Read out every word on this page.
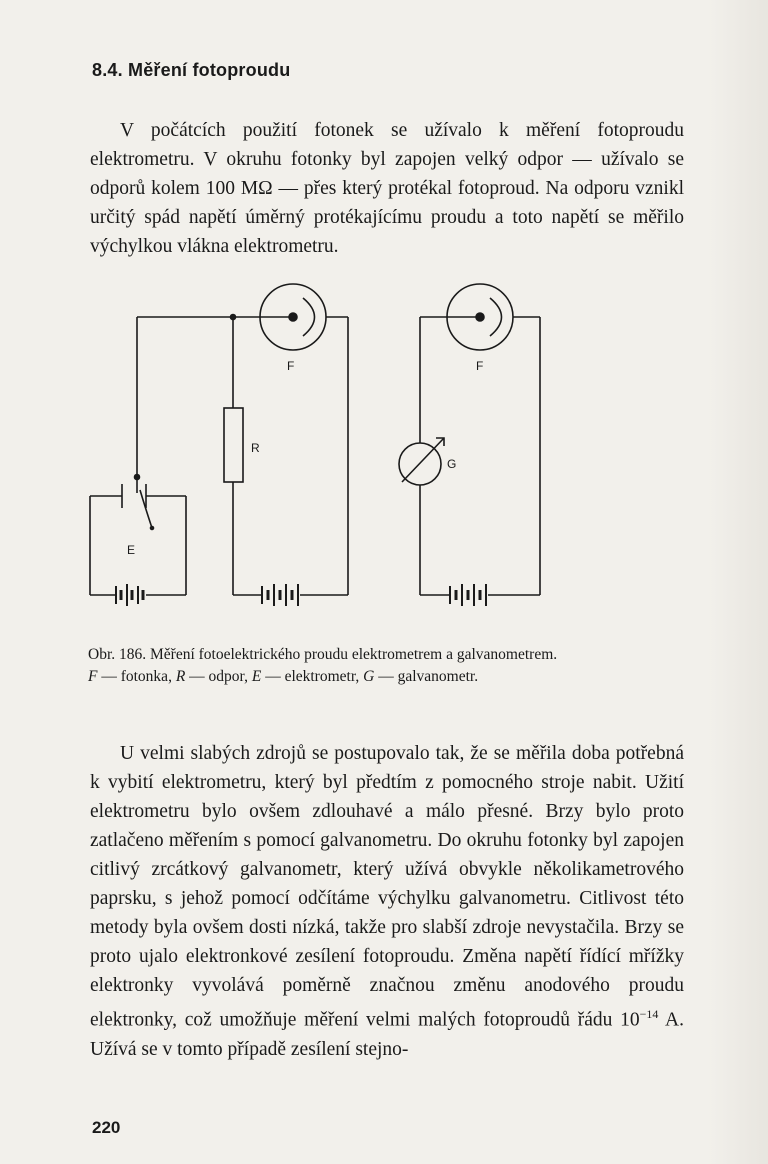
8.4. Měření fotoproudu

V počátcích použití fotonek se užívalo k měření fotoproudu elektrometru. V okruhu fotonky byl zapojen velký odpor — užívalo se odporů kolem 100 MΩ — přes který protékal fotoproud. Na odporu vznikl určitý spád napětí úměrný protékajícímu proudu a toto napětí se měřilo výchylkou vlákna elektrometru.

F	F
R
E
G
Obr. 186. Měření fotoelektrického proudu elektrometrem a galvanometrem.
F — fotonka, R — odpor, E — elektrometr, G — galvanometr.

U velmi slabých zdrojů se postupovalo tak, že se měřila doba potřebná k vybití elektrometru, který byl předtím z pomocného stroje nabit. Užití elektrometru bylo ovšem zdlouhavé a málo přesné. Brzy bylo proto zatlačeno měřením s pomocí galvanometru. Do okruhu fotonky byl zapojen citlivý zrcátkový galvanometr, který užívá obvykle několikametrového paprsku, s jehož pomocí odčítáme výchylku galvanometru. Citlivost této metody byla ovšem dosti nízká, takže pro slabší zdroje nevystačila. Brzy se proto ujalo elektronkové zesílení fotoproudu. Změna napětí řídící mřížky elektronky vyvolává poměrně značnou změnu anodového proudu elektronky, což umožňuje měření velmi malých fotoproudů řádu $10^{-14}$ A. Užívá se v tomto případě zesílení stejno-

220
